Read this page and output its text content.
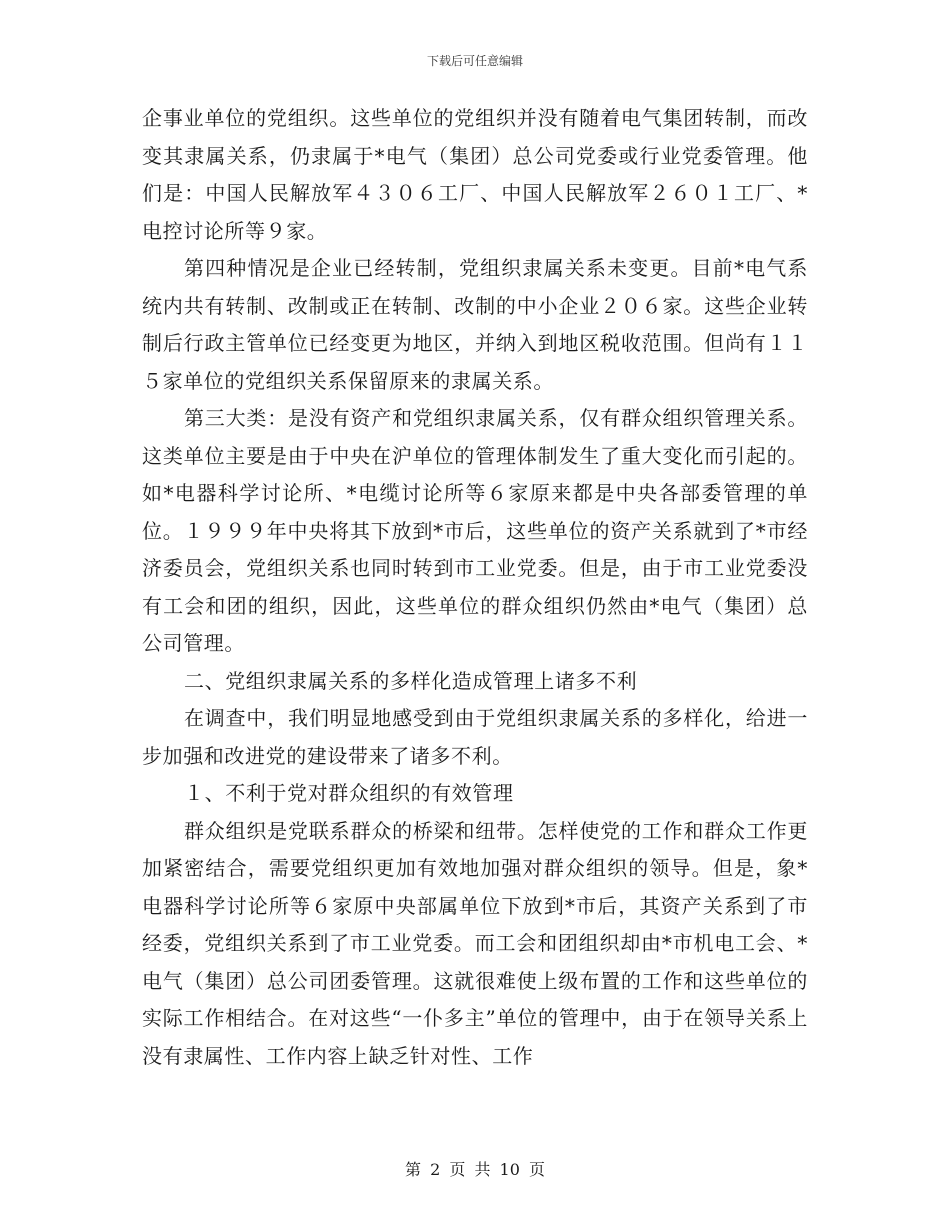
下载后可任意编辑

企事业单位的党组织。这些单位的党组织并没有随着电气集团转制，而改变其隶属关系，仍隶属于*电气（集团）总公司党委或行业党委管理。他们是：中国人民解放军４３０６工厂、中国人民解放军２６０１工厂、*电控讨论所等９家。

第四种情况是企业已经转制，党组织隶属关系未变更。目前*电气系统内共有转制、改制或正在转制、改制的中小企业２０６家。这些企业转制后行政主管单位已经变更为地区，并纳入到地区税收范围。但尚有１１５家单位的党组织关系保留原来的隶属关系。

第三大类：是没有资产和党组织隶属关系，仅有群众组织管理关系。这类单位主要是由于中央在沪单位的管理体制发生了重大变化而引起的。如*电器科学讨论所、*电缆讨论所等６家原来都是中央各部委管理的单位。１９９９年中央将其下放到*市后，这些单位的资产关系就到了*市经济委员会，党组织关系也同时转到市工业党委。但是，由于市工业党委没有工会和团的组织，因此，这些单位的群众组织仍然由*电气（集团）总公司管理。

二、党组织隶属关系的多样化造成管理上诸多不利

在调查中，我们明显地感受到由于党组织隶属关系的多样化，给进一步加强和改进党的建设带来了诸多不利。

１、不利于党对群众组织的有效管理

群众组织是党联系群众的桥梁和纽带。怎样使党的工作和群众工作更加紧密结合，需要党组织更加有效地加强对群众组织的领导。但是，象*电器科学讨论所等６家原中央部属单位下放到*市后，其资产关系到了市经委，党组织关系到了市工业党委。而工会和团组织却由*市机电工会、*电气（集团）总公司团委管理。这就很难使上级布置的工作和这些单位的实际工作相结合。在对这些“一仆多主”单位的管理中，由于在领导关系上没有隶属性、工作内容上缺乏针对性、工作

第 2 页 共 10 页
